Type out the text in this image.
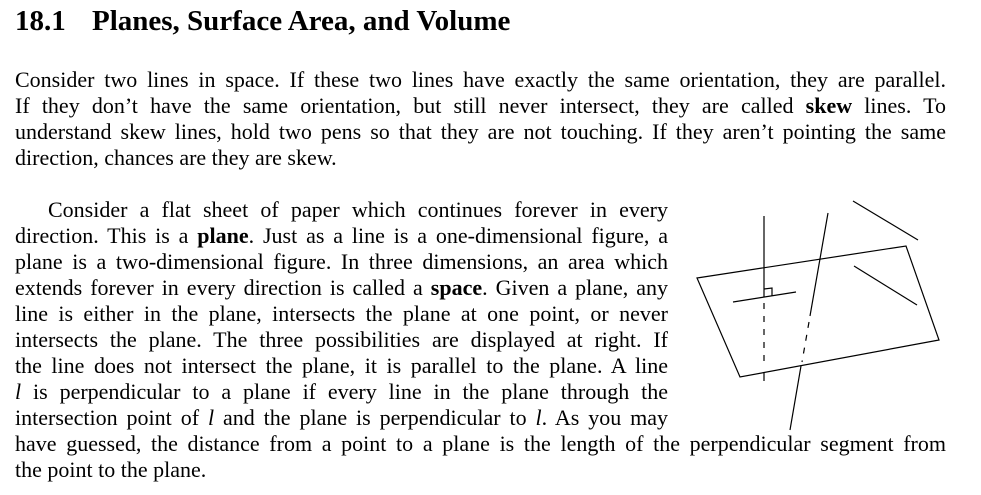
18.1 Planes, Surface Area, and Volume
Consider two lines in space. If these two lines have exactly the same orientation, they are parallel.
If they don’t have the same orientation, but still never intersect, they are called skew lines. To
understand skew lines, hold two pens so that they are not touching. If they aren’t pointing the same
direction, chances are they are skew.
Consider a flat sheet of paper which continues forever in every
direction. This is a plane. Just as a line is a one-dimensional figure, a
plane is a two-dimensional figure. In three dimensions, an area which
extends forever in every direction is called a space. Given a plane, any
line is either in the plane, intersects the plane at one point, or never
intersects the plane. The three possibilities are displayed at right. If
the line does not intersect the plane, it is parallel to the plane. A line
l is perpendicular to a plane if every line in the plane through the
intersection point of l and the plane is perpendicular to l. As you may
have guessed, the distance from a point to a plane is the length of the perpendicular segment from
the point to the plane.
